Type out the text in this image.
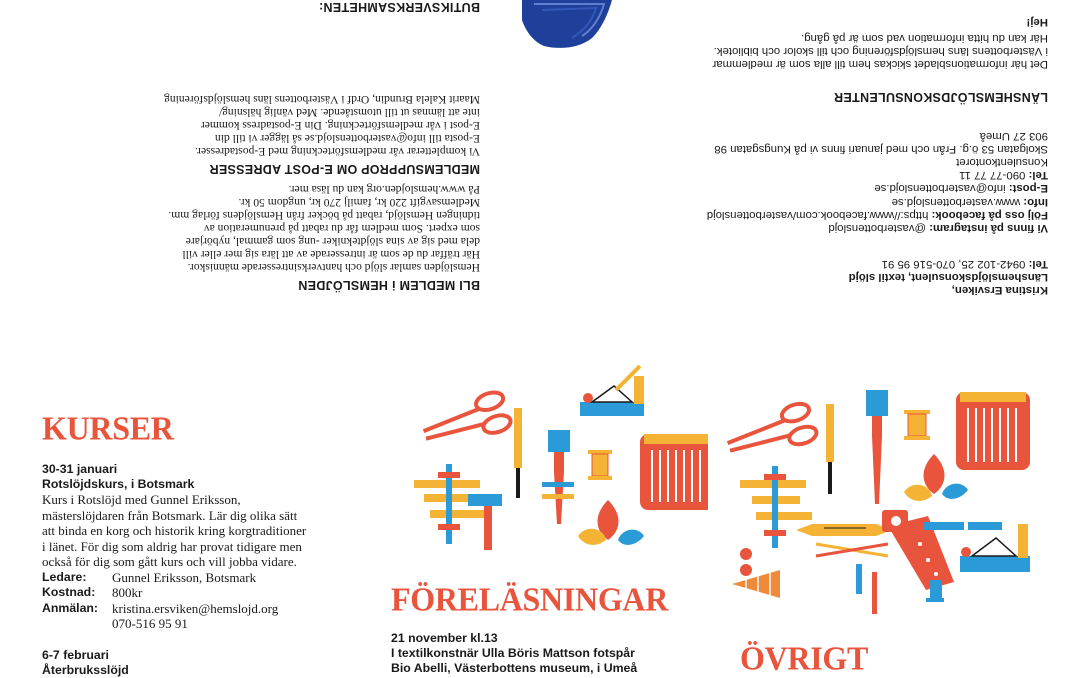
BLI MEDLEM i HEMSLÖJDEN

Hemslöjden samlar slöjd och hantverksintresserade människor.
Här träffar du de som är intresserade av att lära sig mer eller vill
dela med sig av sina slöjdtekniker -ung som gammal, nybörjare
som expert. Som medlem får du rabatt på prenumeration av
tidningen Hemslöjd, rabatt på böcker från Hemslöjdens förlag mm.
Medlemsavgift 220 kr, familj 270 kr, ungdom 50 kr.
På www.hemslojden.org kan du läsa mer.

MEDLEMSUPPROP OM E-POST ADRESSER

Vi kompletterar vår medlemsförteckning med E-postadresser.
E-posta till info@vasterbottenslojd.se så lägger vi till din
E-post i vår medlemsförteckning. Din E-postadress kommer
inte att lämnas ut till utomstående. Med vänlig hälsning/
Maarit Kalela Brundin, Ordf i Västerbottens läns hemslöjdsförening

BUTIKSVERKSAMHETEN:

Kristina Ersviken,

Länshemslöjdskonsulent, textil slöjd

Tel: 0942-102 25, 070-516 95 91

Vi finns på instagram: @vasterbottenslojd

Följ oss på facebook: https://www.facebook.com/vasterbottenslojd

Info: www.vasterbottenslojd.se

E-post: info@vasterbottenslojd.se

Tel: 090-77 77 11

Konsulentkontoret
Skolgatan 53 ö.g. Från och med januari finns vi på Kungsgatan 98
903 27 Umeå

LÄNSHEMSLÖJDSKONSULENTER

Det här informationsbladet skickas hem till alla som är medlemmar
i Västerbottens läns hemslöjdsförening och till skolor och bibliotek.
Här kan du hitta information vad som är på gång.

Hej!

KURSER
30-31 januari
Rotslöjdskurs, i Botsmark
Kurs i Rotslöjd med Gunnel Eriksson, mästerslöjdaren från Botsmark. Lär dig olika sätt att binda en korg och historik kring korgtraditioner i länet. För dig som aldrig har provat tidigare men också för dig som gått kurs och vill jobba vidare.
Ledare:	Gunnel Eriksson, Botsmark
Kostnad:	800kr
Anmälan:	kristina.ersviken@hemslojd.org
070-516 95 91
6-7 februari
Återbruksslöjd
FÖRELÄSNINGAR
21 november kl.13
I textilkonstnär Ulla Böris Mattson fotspår
Bio Abelli, Västerbottens museum, i Umeå	ÖVRIGT
